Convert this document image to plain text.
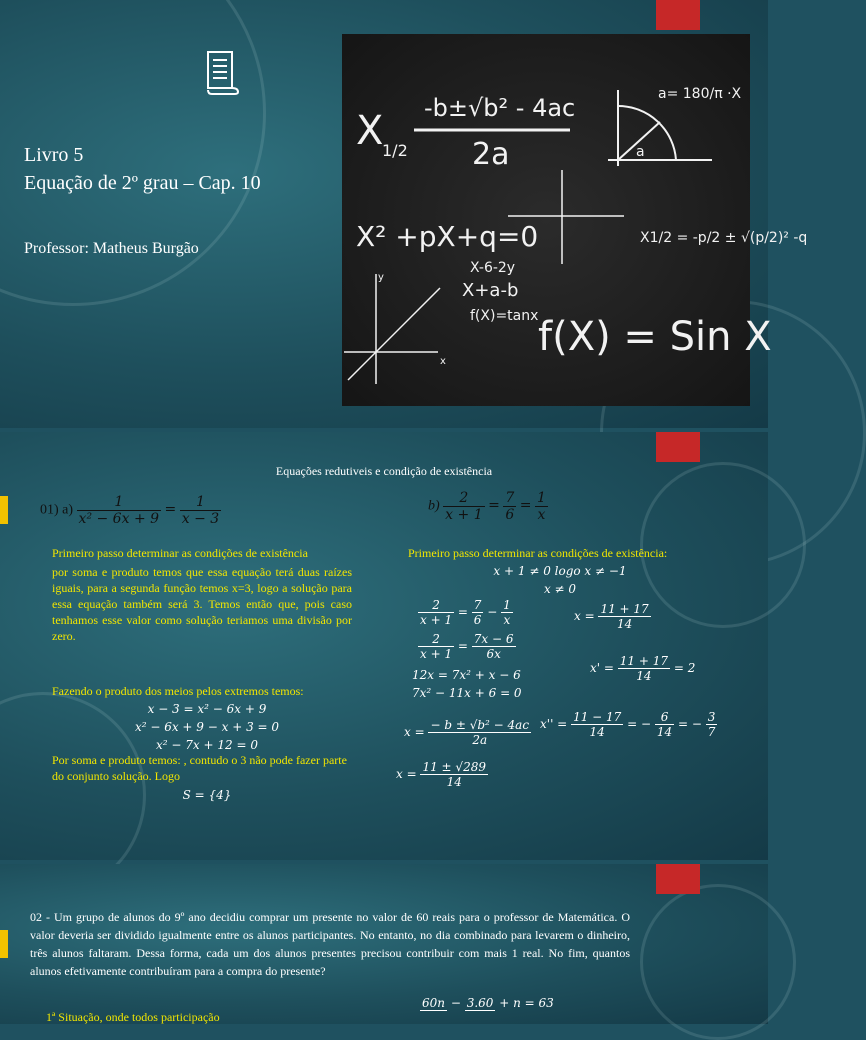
Livro 5
Equação de 2º grau – Cap. 10
Professor: Matheus Burgão
X
1/2
-b±√b² - 4ac
2a
a= 180/π ·X
a
X² +pX+q=0	X1/2 = -p/2 ± √(p/2)² -q
X-6-2y
X+a-b
f(X)=tanx
y
x
f(X) = Sin X
Equações redutiveis e condição de existência
01) $a) \frac{1}{\text{x² − 6x + 9}} = \frac{1}{x - 3}$	$b) \frac{2}{x + 1} = \frac{7}{6} = \frac{1}{x}$
Primeiro passo determinar as condições de existência
por soma e produto temos que essa equação terá duas raízes iguais, para a segunda função temos x=3, logo a solução para essa equação também será 3. Temos então que, pois caso tenhamos esse valor como solução teriamos uma divisão por zero.
Fazendo o produto dos meios pelos extremos temos:
x − 3 = x² − 6x + 9
x² − 6x + 9 − x + 3 = 0
x² − 7x + 12 = 0
Por soma e produto temos: , contudo o 3 não pode fazer parte do conjunto solução. Logo
S = {4}
Primeiro passo determinar as condições de existência:
x + 1 ≠ 0 logo x ≠ −1
x ≠ 0
$\frac{2}{x + 1} = \frac{7}{6} - \frac{1}{x}$
$\frac{2}{x + 1} = \frac{7x - 6}{6x}$
12x = 7x² + x − 6
7x² − 11x + 6 = 0
$x = \frac{\text{− b ± √b² − 4ac}}{2a}$
$x = \frac{11 \pm √289}{14}$
$x = \frac{11 + 17}{14}$
$x' = \frac{11 + 17}{14} = 2$
$x'' = \frac{11 - 17}{14}$ = − $\frac{6}{14}$ = − $\frac{3}{7}$
02 - Um grupo de alunos do 9º ano decidiu comprar um presente no valor de 60 reais para o professor de Matemática. O valor deveria ser dividido igualmente entre os alunos participantes. No entanto, no dia combinado para levarem o dinheiro, três alunos faltaram. Dessa forma, cada um dos alunos presentes precisou contribuir com mais 1 real. No fim, quantos alunos efetivamente contribuíram para a compra do presente?
1ª Situação, onde todos participação
60n − 3.60 + n = 63
